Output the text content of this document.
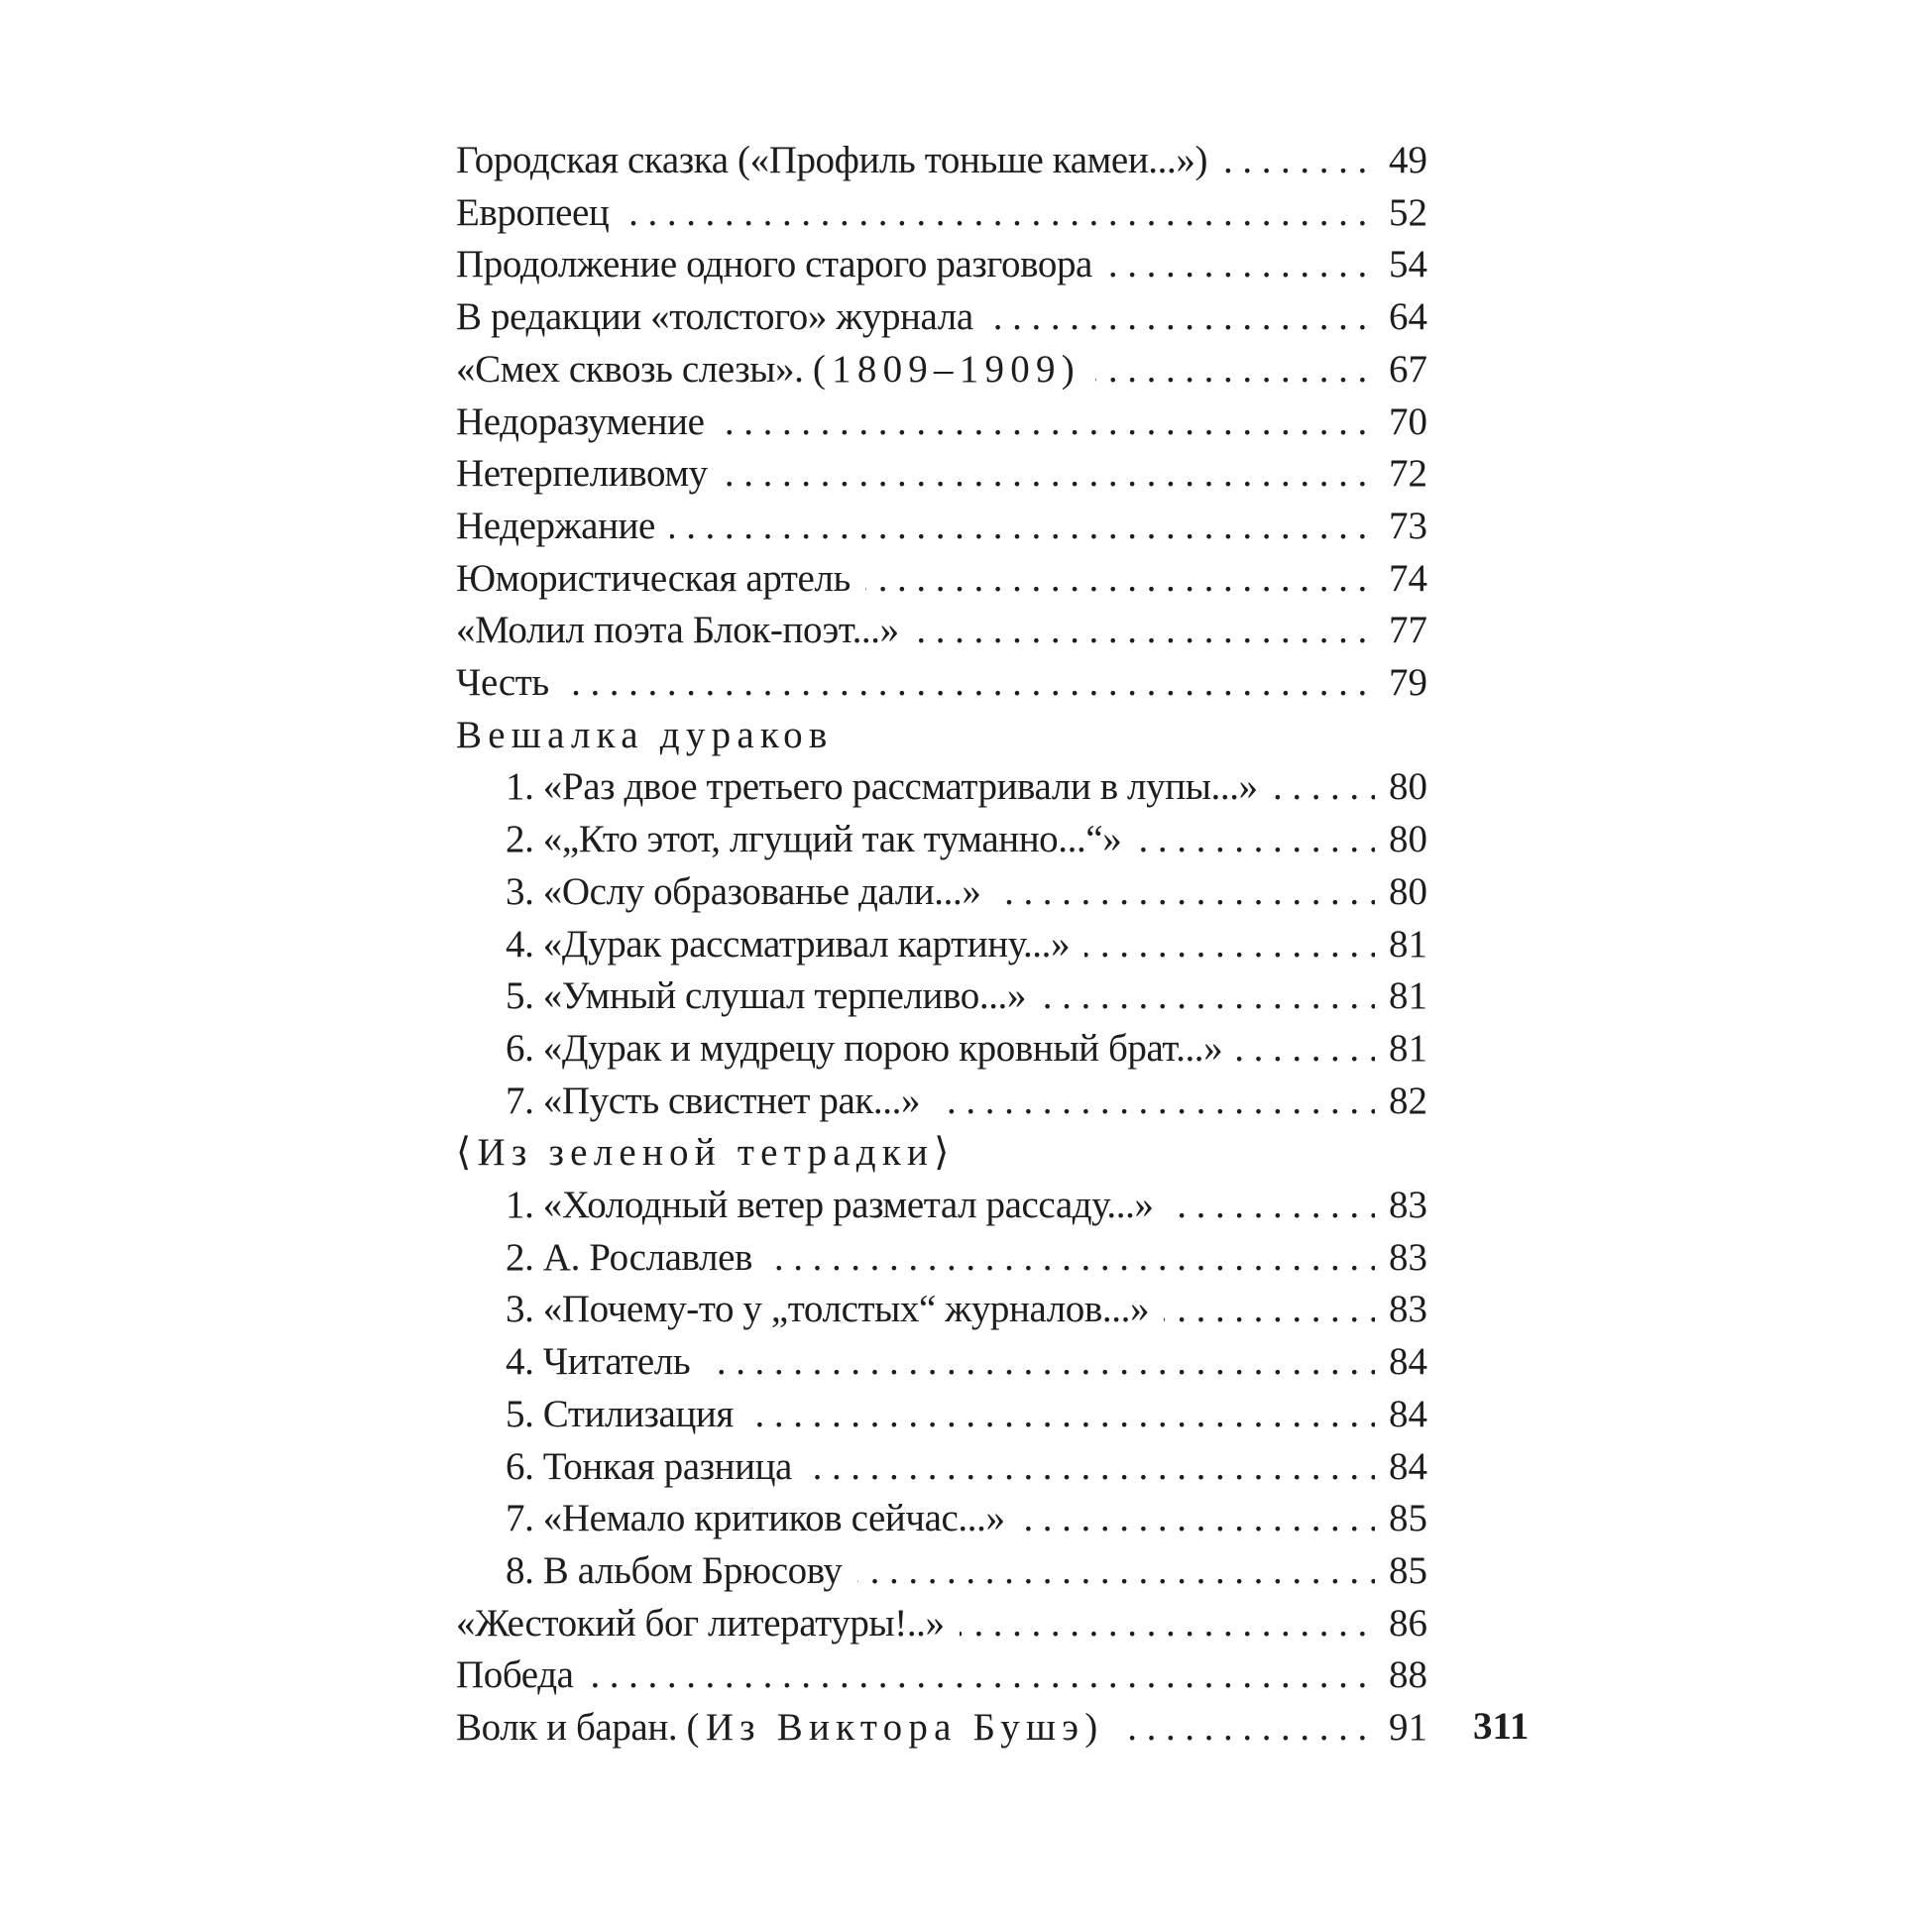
.....
Городская сказка («Профиль тоньше камеи...»)	49
.....
Европеец	52
.....
Продолжение одного старого разговора	54
.....
В редакции «толстого» журнала	64
.....
«Смех сквозь слезы». (1809–1909)	67
.....
Недоразумение	70
.....
Нетерпеливому	72
.....
Недержание	73
.....
Юмористическая артель	74
.....
«Молил поэта Блок-поэт...»	77
.....
Честь	79
Вешалка дураков
.....
1. «Раз двое третьего рассматривали в лупы...»	80
.....
2. «„Кто этот, лгущий так туманно...“»	80
.....
3. «Ослу образованье дали...»	80
.....
4. «Дурак рассматривал картину...»	81
.....
5. «Умный слушал терпеливо...»	81
.....
6. «Дурак и мудрецу порою кровный брат...»	81
.....
7. «Пусть свистнет рак...»	82
⟨Из зеленой тетрадки⟩
.....
1. «Холодный ветер разметал рассаду...»	83
.....
2. А. Рославлев	83
.....
3. «Почему-то у „толстых“ журналов...»	83
.....
4. Читатель	84
.....
5. Стилизация	84
.....
6. Тонкая разница	84
.....
7. «Немало критиков сейчас...»	85
.....
8. В альбом Брюсову	85
.....
«Жестокий бог литературы!..»	86
.....
Победа	88
.....
Волк и баран. (Из Виктора Бушэ)	91 311
